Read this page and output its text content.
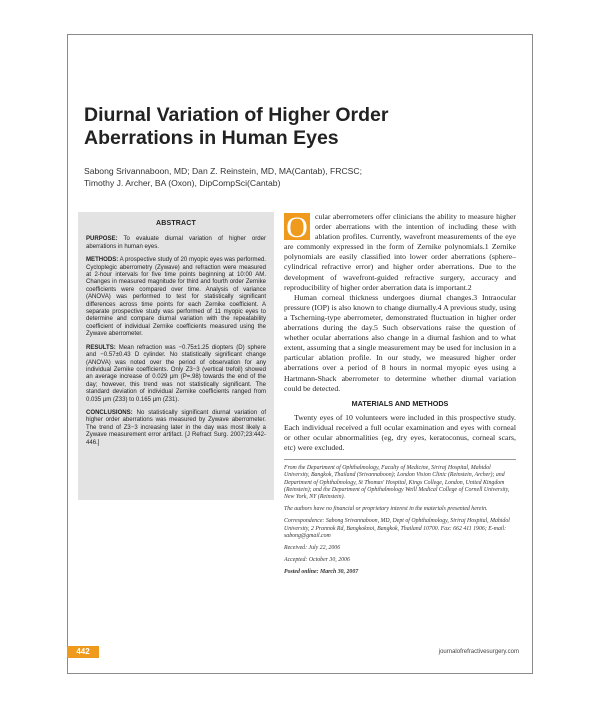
Diurnal Variation of Higher Order
Aberrations in Human Eyes
Sabong Srivannaboon, MD; Dan Z. Reinstein, MD, MA(Cantab), FRCSC;
Timothy J. Archer, BA (Oxon), DipCompSci(Cantab)
ABSTRACT

PURPOSE: To evaluate diurnal variation of higher order aberrations in human eyes.

METHODS: A prospective study of 20 myopic eyes was performed. Cycloplegic aberrometry (Zywave) and refraction were measured at 2-hour intervals for five time points beginning at 10:00 AM. Changes in measured magnitude for third and fourth order Zernike coefficients were compared over time. Analysis of variance (ANOVA) was performed to test for statistically significant differences across time points for each Zernike coefficient. A separate prospective study was performed of 11 myopic eyes to determine and compare diurnal variation with the repeatability coefficient of individual Zernike coefficients measured using the Zywave aberrometer.

RESULTS: Mean refraction was −0.75±1.25 diopters (D) sphere and −0.57±0.43 D cylinder. No statistically significant change (ANOVA) was noted over the period of observation for any individual Zernike coefficients. Only Z3−3 (vertical trefoil) showed an average increase of 0.029 µm (P=.98) towards the end of the day; however, this trend was not statistically significant. The standard deviation of individual Zernike coefficients ranged from 0.035 µm (Z33) to 0.165 µm (Z31).

CONCLUSIONS: No statistically significant diurnal variation of higher order aberrations was measured by Zywave aberrometer. The trend of Z3−3 increasing later in the day was most likely a Zywave measurement error artifact. [J Refract Surg. 2007;23:442-446.]

O cular aberrometers offer clinicians the ability to measure higher order aberrations with the intention of including these with ablation profiles. Currently, wavefront measurements of the eye are commonly expressed in the form of Zernike polynomials.1 Zernike polynomials are easily classified into lower order aberrations (sphere–cylindrical refractive error) and higher order aberrations. Due to the development of wavefront-guided refractive surgery, accuracy and reproducibility of higher order aberration data is important.2

Human corneal thickness undergoes diurnal changes.3 Intraocular pressure (IOP) is also known to change diurnally.4 A previous study, using a Tscherning-type aberrometer, demonstrated fluctuation in higher order aberrations during the day.5 Such observations raise the question of whether ocular aberrations also change in a diurnal fashion and to what extent, assuming that a single measurement may be used for inclusion in a particular ablation profile. In our study, we measured higher order aberrations over a period of 8 hours in normal myopic eyes using a Hartmann-Shack aberrometer to determine whether diurnal variation could be detected.

MATERIALS AND METHODS

Twenty eyes of 10 volunteers were included in this prospective study. Each individual received a full ocular examination and eyes with corneal or other ocular abnormalities (eg, dry eyes, keratoconus, corneal scars, etc) were excluded.

From the Department of Ophthalmology, Faculty of Medicine, Siriraj Hospital, Mahidol University, Bangkok, Thailand (Srivannaboon); London Vision Clinic (Reinstein, Archer); and Department of Ophthalmology, St Thomas' Hospital, Kings College, London, United Kingdom (Reinstein); and the Department of Ophthalmology Weill Medical College of Cornell University, New York, NY (Reinstein).

The authors have no financial or proprietary interest in the materials presented herein.

Correspondence: Sabong Srivannaboon, MD, Dept of Ophthalmology, Siriraj Hospital, Mahidol University, 2 Prannok Rd, Bangkoknoi, Bangkok, Thailand 10700. Fax: 662 411 1906; E-mail: sabong@gmail.com

Received: July 22, 2006

Accepted: October 30, 2006

Posted online: March 30, 2007

442	journalofrefractivesurgery.com
